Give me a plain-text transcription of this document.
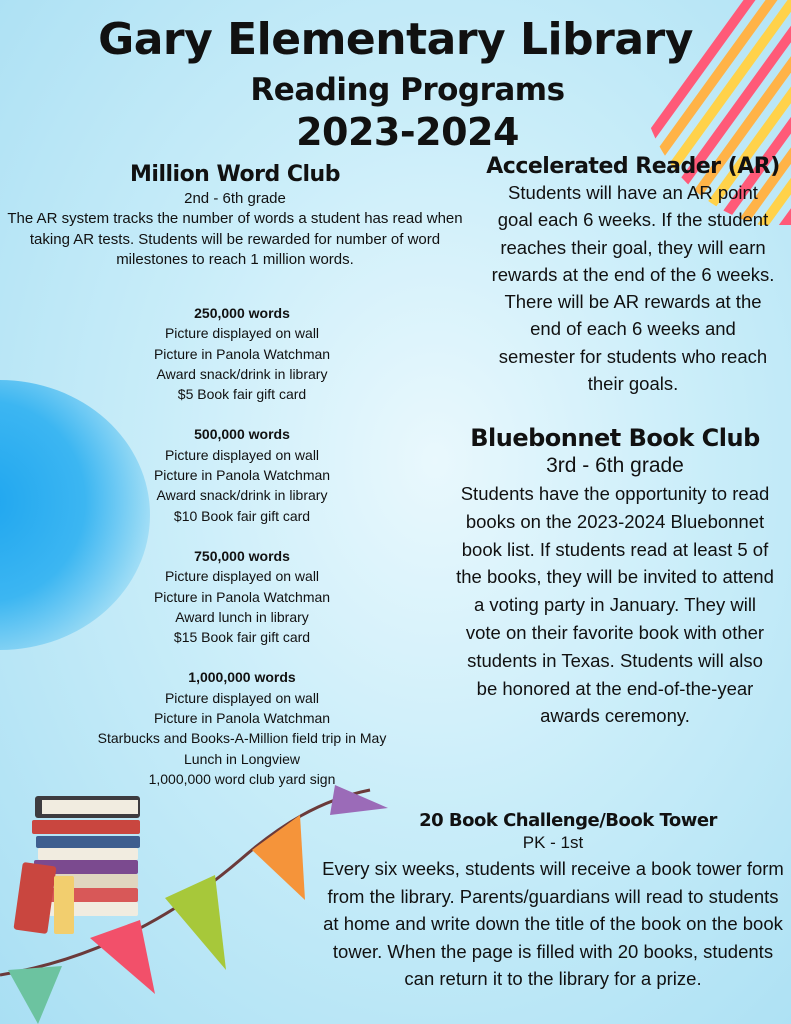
Gary Elementary Library
Reading Programs
2023-2024
Million Word Club
2nd - 6th grade
The AR system tracks the number of words a student has read when taking AR tests. Students will be rewarded for number of word milestones to reach 1 million words.
250,000 words
Picture displayed on wall
Picture in Panola Watchman
Award snack/drink in library
$5 Book fair gift card
500,000 words
Picture displayed on wall
Picture in Panola Watchman
Award snack/drink in library
$10 Book fair gift card
750,000 words
Picture displayed on wall
Picture in Panola Watchman
Award lunch in library
$15 Book fair gift card
1,000,000 words
Picture displayed on wall
Picture in Panola Watchman
Starbucks and Books-A-Million field trip in May
Lunch in Longview
1,000,000 word club yard sign
Accelerated Reader (AR)
Students will have an AR point goal each 6 weeks. If the student reaches their goal, they will earn rewards at the end of the 6 weeks. There will be AR rewards at the end of each 6 weeks and semester for students who reach their goals.
Bluebonnet Book Club
3rd - 6th grade
Students have the opportunity to read books on the 2023-2024 Bluebonnet book list. If students read at least 5 of the books, they will be invited to attend a voting party in January. They will vote on their favorite book with other students in Texas. Students will also be honored at the end-of-the-year awards ceremony.
20 Book Challenge/Book Tower
PK - 1st
Every six weeks, students will receive a book tower form from the library. Parents/guardians will read to students at home and write down the title of the book on the book tower. When the page is filled with 20 books, students can return it to the library for a prize.
